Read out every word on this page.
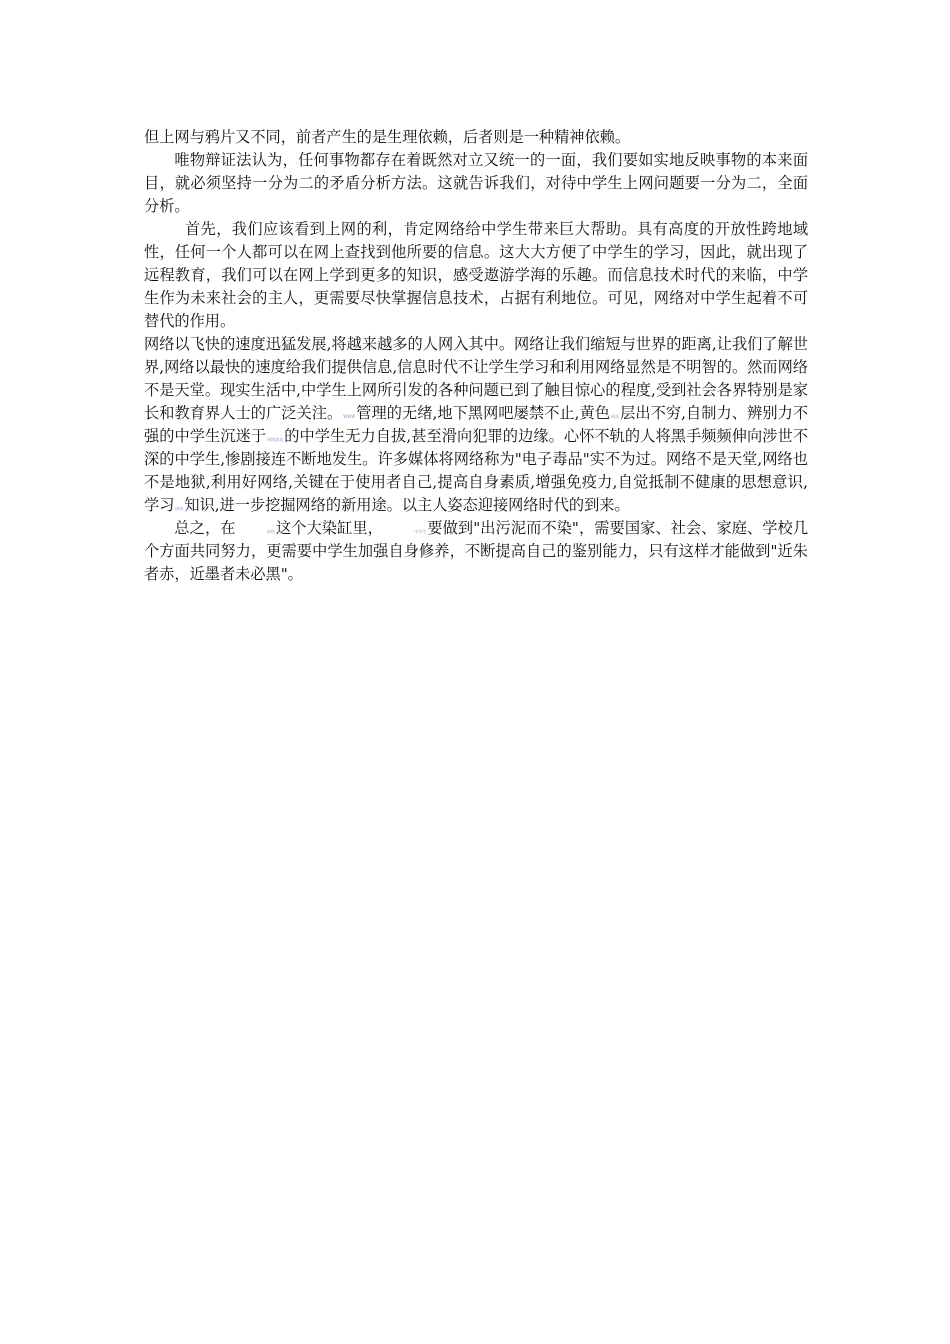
但上网与鸦片又不同，前者产生的是生理依赖，后者则是一种精神依赖。

唯物辩证法认为，任何事物都存在着既然对立又统一的一面，我们要如实地反映事物的本来面目，就必须坚持一分为二的矛盾分析方法。这就告诉我们，对待中学生上网问题要一分为二，全面分析。

首先，我们应该看到上网的利，肯定网络给中学生带来巨大帮助。具有高度的开放性跨地域性，任何一个人都可以在网上查找到他所要的信息。这大大方便了中学生的学习，因此，就出现了远程教育，我们可以在网上学到更多的知识，感受遨游学海的乐趣。而信息技术时代的来临，中学生作为未来社会的主人，更需要尽快掌握信息技术，占据有利地位。可见，网络对中学生起着不可替代的作用。

网络以飞快的速度迅猛发展,将越来越多的人网入其中。网络让我们缩短与世界的距离,让我们了解世界,网络以最快的速度给我们提供信息,信息时代不让学生学习和利用网络显然是不明智的。然而网络不是天堂。现实生活中,中学生上网所引发的各种问题已到了触目惊心的程度,受到社会各界特别是家长和教育界人士的广泛关注。WWW管理的无绪,地下黑网吧屡禁不止,黄色网站层出不穷,自制力、辨别力不强的中学生沉迷于网络游戏的中学生无力自拔,甚至滑向犯罪的边缘。心怀不轨的人将黑手频频伸向涉世不深的中学生,惨剧接连不断地发生。许多媒体将网络称为"电子毒品"实不为过。网络不是天堂,网络也不是地狱,利用好网络,关键在于使用者自己,提高自身素质,增强免疫力,自觉抵制不健康的思想意识,学习网络知识,进一步挖掘网络的新用途。以主人姿态迎接网络时代的到来。

总之，在	网络这个大染缸里，	中学生要做到"出污泥而不染"，需要国家、社会、家庭、学校几个方面共同努力，更需要中学生加强自身修养，不断提高自己的鉴别能力，只有这样才能做到"近朱者赤，近墨者未必黑"。
